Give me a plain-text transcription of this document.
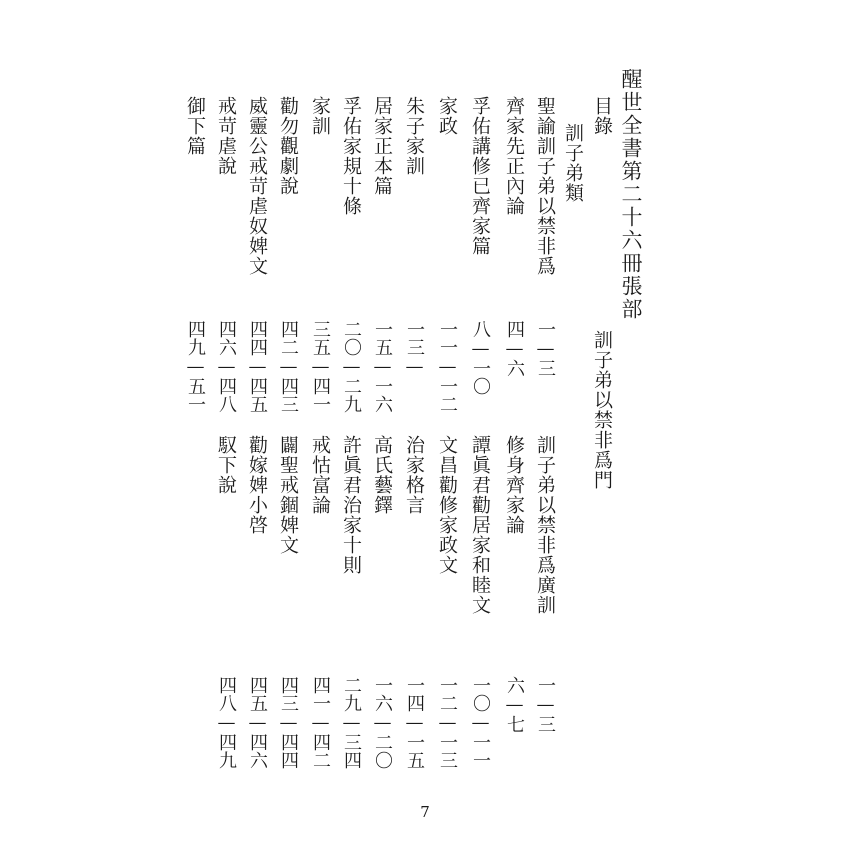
醒世全書第二十六冊張部
目錄
訓子弟類
聖諭訓子弟以禁非爲
一—三
齊家先正內論
四—六
孚佑講修已齊家篇
八—一〇
家政
一一—一二
朱子家訓
一三—
居家正本篇
一五—一六
孚佑家規十條
二〇—二九
家訓
三五—四一
勸勿觀劇說
四二—四三
威靈公戒苛虐奴婢文
四四—四五
戒苛虐說
四六—四八
御下篇
四九—五一	訓子弟以禁非爲門
訓子弟以禁非爲廣訓
一—三
修身齊家論
六—七
譚眞君勸居家和睦文
一〇—一一
文昌勸修家政文
一二—一三
治家格言
一四—一五
高氏藝鐸
一六—二〇
許眞君治家十則
二九—三四
戒怙富論
四一—四二
闢聖戒錮婢文
四三—四四
勸嫁婢小啓
四五—四六
馭下說
四八—四九
7
